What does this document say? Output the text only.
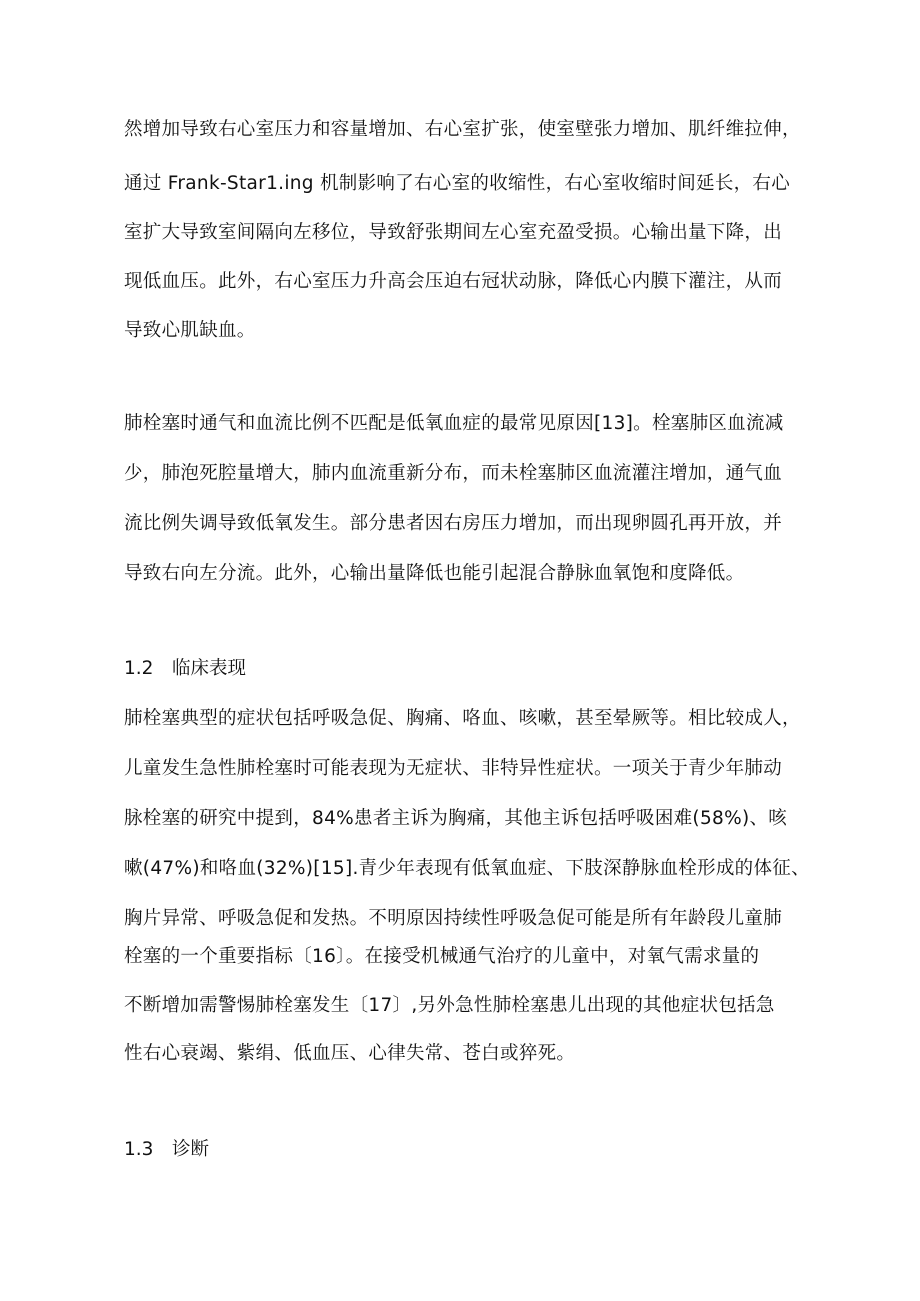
然增加导致右心室压力和容量增加、右心室扩张，使室壁张力增加、肌纤维拉伸，
通过 Frank-Star1.ing 机制影响了右心室的收缩性，右心室收缩时间延长，右心
室扩大导致室间隔向左移位，导致舒张期间左心室充盈受损。心输出量下降，出
现低血压。此外，右心室压力升高会压迫右冠状动脉，降低心内膜下灌注，从而
导致心肌缺血。
肺栓塞时通气和血流比例不匹配是低氧血症的最常见原因[13]。栓塞肺区血流减
少，肺泡死腔量增大，肺内血流重新分布，而未栓塞肺区血流灌注增加，通气血
流比例失调导致低氧发生。部分患者因右房压力增加，而出现卵圆孔再开放，并
导致右向左分流。此外，心输出量降低也能引起混合静脉血氧饱和度降低。
1.2 临床表现
肺栓塞典型的症状包括呼吸急促、胸痛、咯血、咳嗽，甚至晕厥等。相比较成人，
儿童发生急性肺栓塞时可能表现为无症状、非特异性症状。一项关于青少年肺动
脉栓塞的研究中提到，84%患者主诉为胸痛，其他主诉包括呼吸困难(58%)、咳
嗽(47%)和咯血(32%)[15].青少年表现有低氧血症、下肢深静脉血栓形成的体征、
胸片异常、呼吸急促和发热。不明原因持续性呼吸急促可能是所有年龄段儿童肺
栓塞的一个重要指标〔16〕。在接受机械通气治疗的儿童中，对氧气需求量的
不断增加需警惕肺栓塞发生〔17〕,另外急性肺栓塞患儿出现的其他症状包括急
性右心衰竭、紫绢、低血压、心律失常、苍白或猝死。
1.3 诊断
